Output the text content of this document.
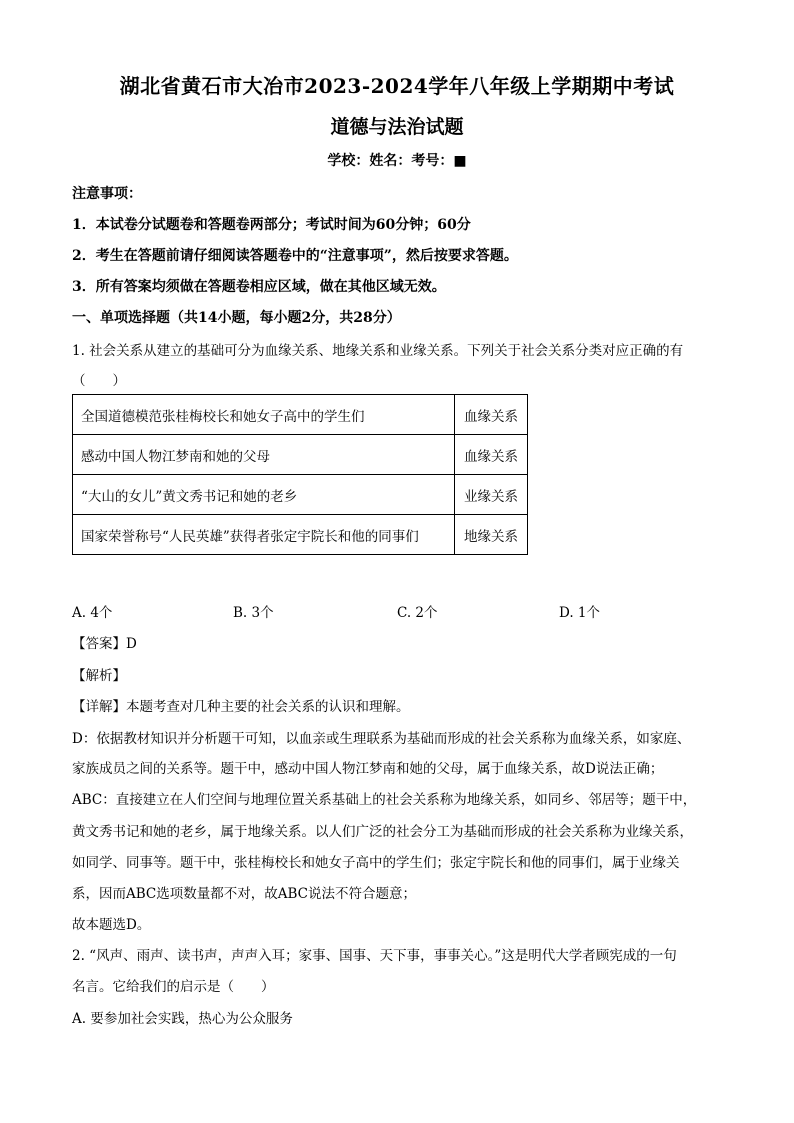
湖北省黄石市大冶市2023-2024学年八年级上学期期中考试
道德与法治试题
学校：姓名：考号：■
注意事项：
1．本试卷分试题卷和答题卷两部分；考试时间为60分钟；60分
2．考生在答题前请仔细阅读答题卷中的“注意事项”，然后按要求答题。
3．所有答案均须做在答题卷相应区域，做在其他区域无效。
一、单项选择题（共14小题，每小题2分，共28分）
1. 社会关系从建立的基础可分为血缘关系、地缘关系和业缘关系。下列关于社会关系分类对应正确的有
（　　）
全国道德模范张桂梅校长和她女子高中的学生们	血缘关系
感动中国人物江梦南和她的父母	血缘关系
“大山的女儿”黄文秀书记和她的老乡	业缘关系
国家荣誉称号“人民英雄”获得者张定宇院长和他的同事们	地缘关系
A. 4个	B. 3个	C. 2个	D. 1个
【答案】D
【解析】
【详解】本题考查对几种主要的社会关系的认识和理解。
D：依据教材知识并分析题干可知，以血亲或生理联系为基础而形成的社会关系称为血缘关系，如家庭、
家族成员之间的关系等。题干中，感动中国人物江梦南和她的父母，属于血缘关系，故D说法正确；
ABC：直接建立在人们空间与地理位置关系基础上的社会关系称为地缘关系，如同乡、邻居等；题干中，
黄文秀书记和她的老乡，属于地缘关系。以人们广泛的社会分工为基础而形成的社会关系称为业缘关系，
如同学、同事等。题干中，张桂梅校长和她女子高中的学生们；张定宇院长和他的同事们，属于业缘关
系，因而ABC选项数量都不对，故ABC说法不符合题意；
故本题选D。
2. “风声、雨声、读书声，声声入耳；家事、国事、天下事，事事关心。”这是明代大学者顾宪成的一句
名言。它给我们的启示是（　　）
A. 要参加社会实践，热心为公众服务
